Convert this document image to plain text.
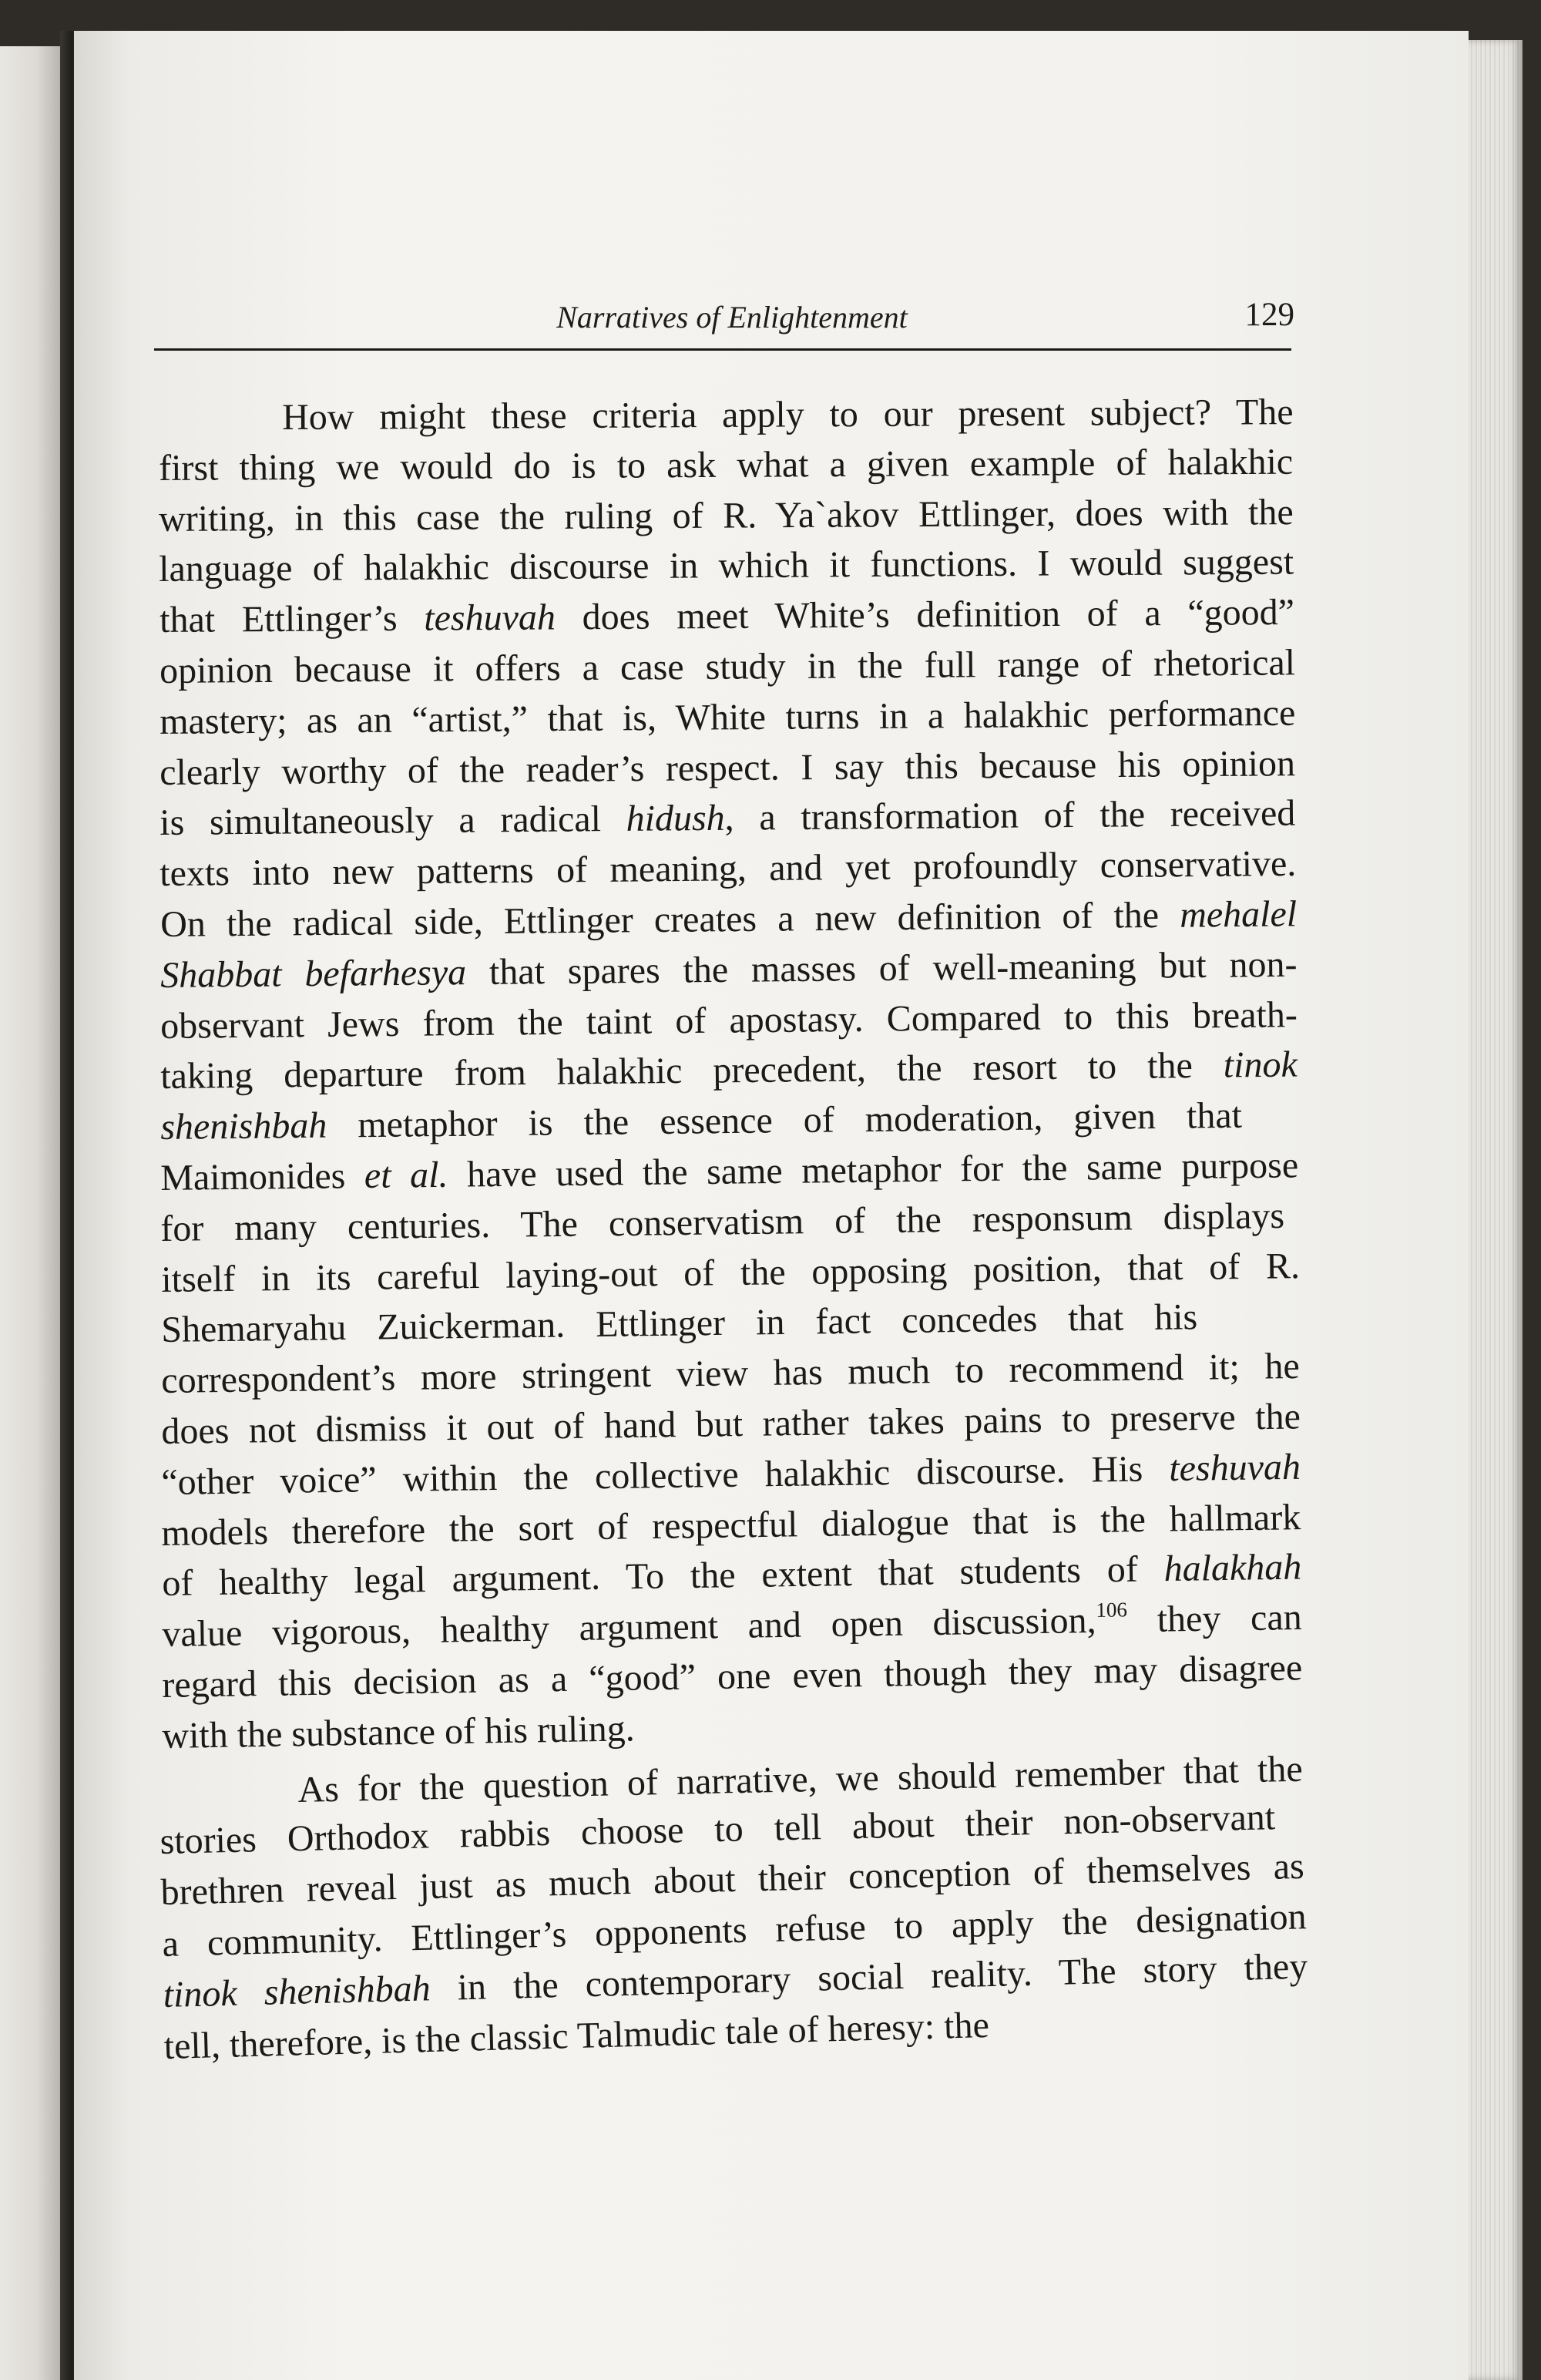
Narratives of Enlightenment	129
How might these criteria apply to our present subject? The
first thing we would do is to ask what a given example of halakhic
writing, in this case the ruling of R. Ya`akov Ettlinger, does with the
language of halakhic discourse in which it functions. I would suggest
that Ettlinger’s teshuvah does meet White’s definition of a “good”
opinion because it offers a case study in the full range of rhetorical
mastery; as an “artist,” that is, White turns in a halakhic performance
clearly worthy of the reader’s respect. I say this because his opinion
is simultaneously a radical hidush, a transformation of the received
texts into new patterns of meaning, and yet profoundly conservative.
On the radical side, Ettlinger creates a new definition of the mehalel
Shabbat befarhesya that spares the masses of well-meaning but non-
observant Jews from the taint of apostasy. Compared to this breath-
taking departure from halakhic precedent, the resort to the tinok
shenishbah metaphor is the essence of moderation, given that
Maimonides et al. have used the same metaphor for the same purpose
for many centuries. The conservatism of the responsum displays
itself in its careful laying-out of the opposing position, that of R.
Shemaryahu Zuickerman. Ettlinger in fact concedes that his
correspondent’s more stringent view has much to recommend it; he
does not dismiss it out of hand but rather takes pains to preserve the
“other voice” within the collective halakhic discourse. His teshuvah
models therefore the sort of respectful dialogue that is the hallmark
of healthy legal argument. To the extent that students of halakhah
value vigorous, healthy argument and open discussion,$^{106}$ they can
regard this decision as a “good” one even though they may disagree
with the substance of his ruling.
As for the question of narrative, we should remember that the
stories Orthodox rabbis choose to tell about their non-observant
brethren reveal just as much about their conception of themselves as
a community. Ettlinger’s opponents refuse to apply the designation
tinok shenishbah in the contemporary social reality. The story they
tell, therefore, is the classic Talmudic tale of heresy: the
